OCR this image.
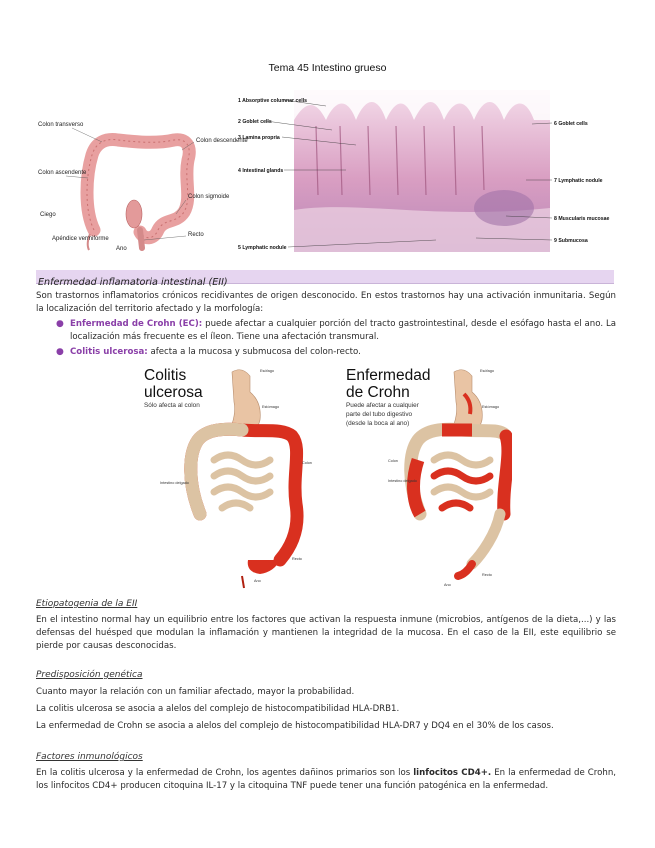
Tema 45 Intestino grueso
Colon transverso
Colon descendente
Colon ascendente
Colon sigmoide
Ciego
Apéndice vermiforme
Recto
Ano
1 Absorptive columnar cells
2 Goblet cells
3 Lamina propria
4 Intestinal glands
5 Lymphatic nodule
6 Goblet cells
7 Lymphatic nodule
8 Muscularis mucosae
9 Submucosa
Enfermedad inflamatoria intestinal (EII)
Son trastornos inflamatorios crónicos recidivantes de origen desconocido. En estos trastornos hay una activación inmunitaria. Según la localización del territorio afectado y la morfología:
● Enfermedad de Crohn (EC): puede afectar a cualquier porción del tracto gastrointestinal, desde el esófago hasta el ano. La localización más frecuente es el íleon. Tiene una afectación transmural.
● Colitis ulcerosa: afecta a la mucosa y submucosa del colon-recto.
Colitis
ulcerosa
Sólo afecta al colon
Esófago
Estómago
Intestino delgado
Colon
Recto
Ano
Enfermedad
de Crohn
Puede afectar a cualquier
parte del tubo digestivo
(desde la boca al ano)
Esófago
Estómago
Intestino delgado
Colon
Recto
Ano
Etiopatogenia de la EII
En el intestino normal hay un equilibrio entre los factores que activan la respuesta inmune (microbios, antígenos de la dieta,...) y las defensas del huésped que modulan la inflamación y mantienen la integridad de la mucosa. En el caso de la EII, este equilibrio se pierde por causas desconocidas.
Predisposición genética
Cuanto mayor la relación con un familiar afectado, mayor la probabilidad.
La colitis ulcerosa se asocia a alelos del complejo de histocompatibilidad HLA-DRB1.
La enfermedad de Crohn se asocia a alelos del complejo de histocompatibilidad HLA-DR7 y DQ4 en el 30% de los casos.
Factores inmunológicos
En la colitis ulcerosa y la enfermedad de Crohn, los agentes dañinos primarios son los linfocitos CD4+. En la enfermedad de Crohn, los linfocitos CD4+ producen citoquina IL-17 y la citoquina TNF puede tener una función patogénica en la enfermedad.
